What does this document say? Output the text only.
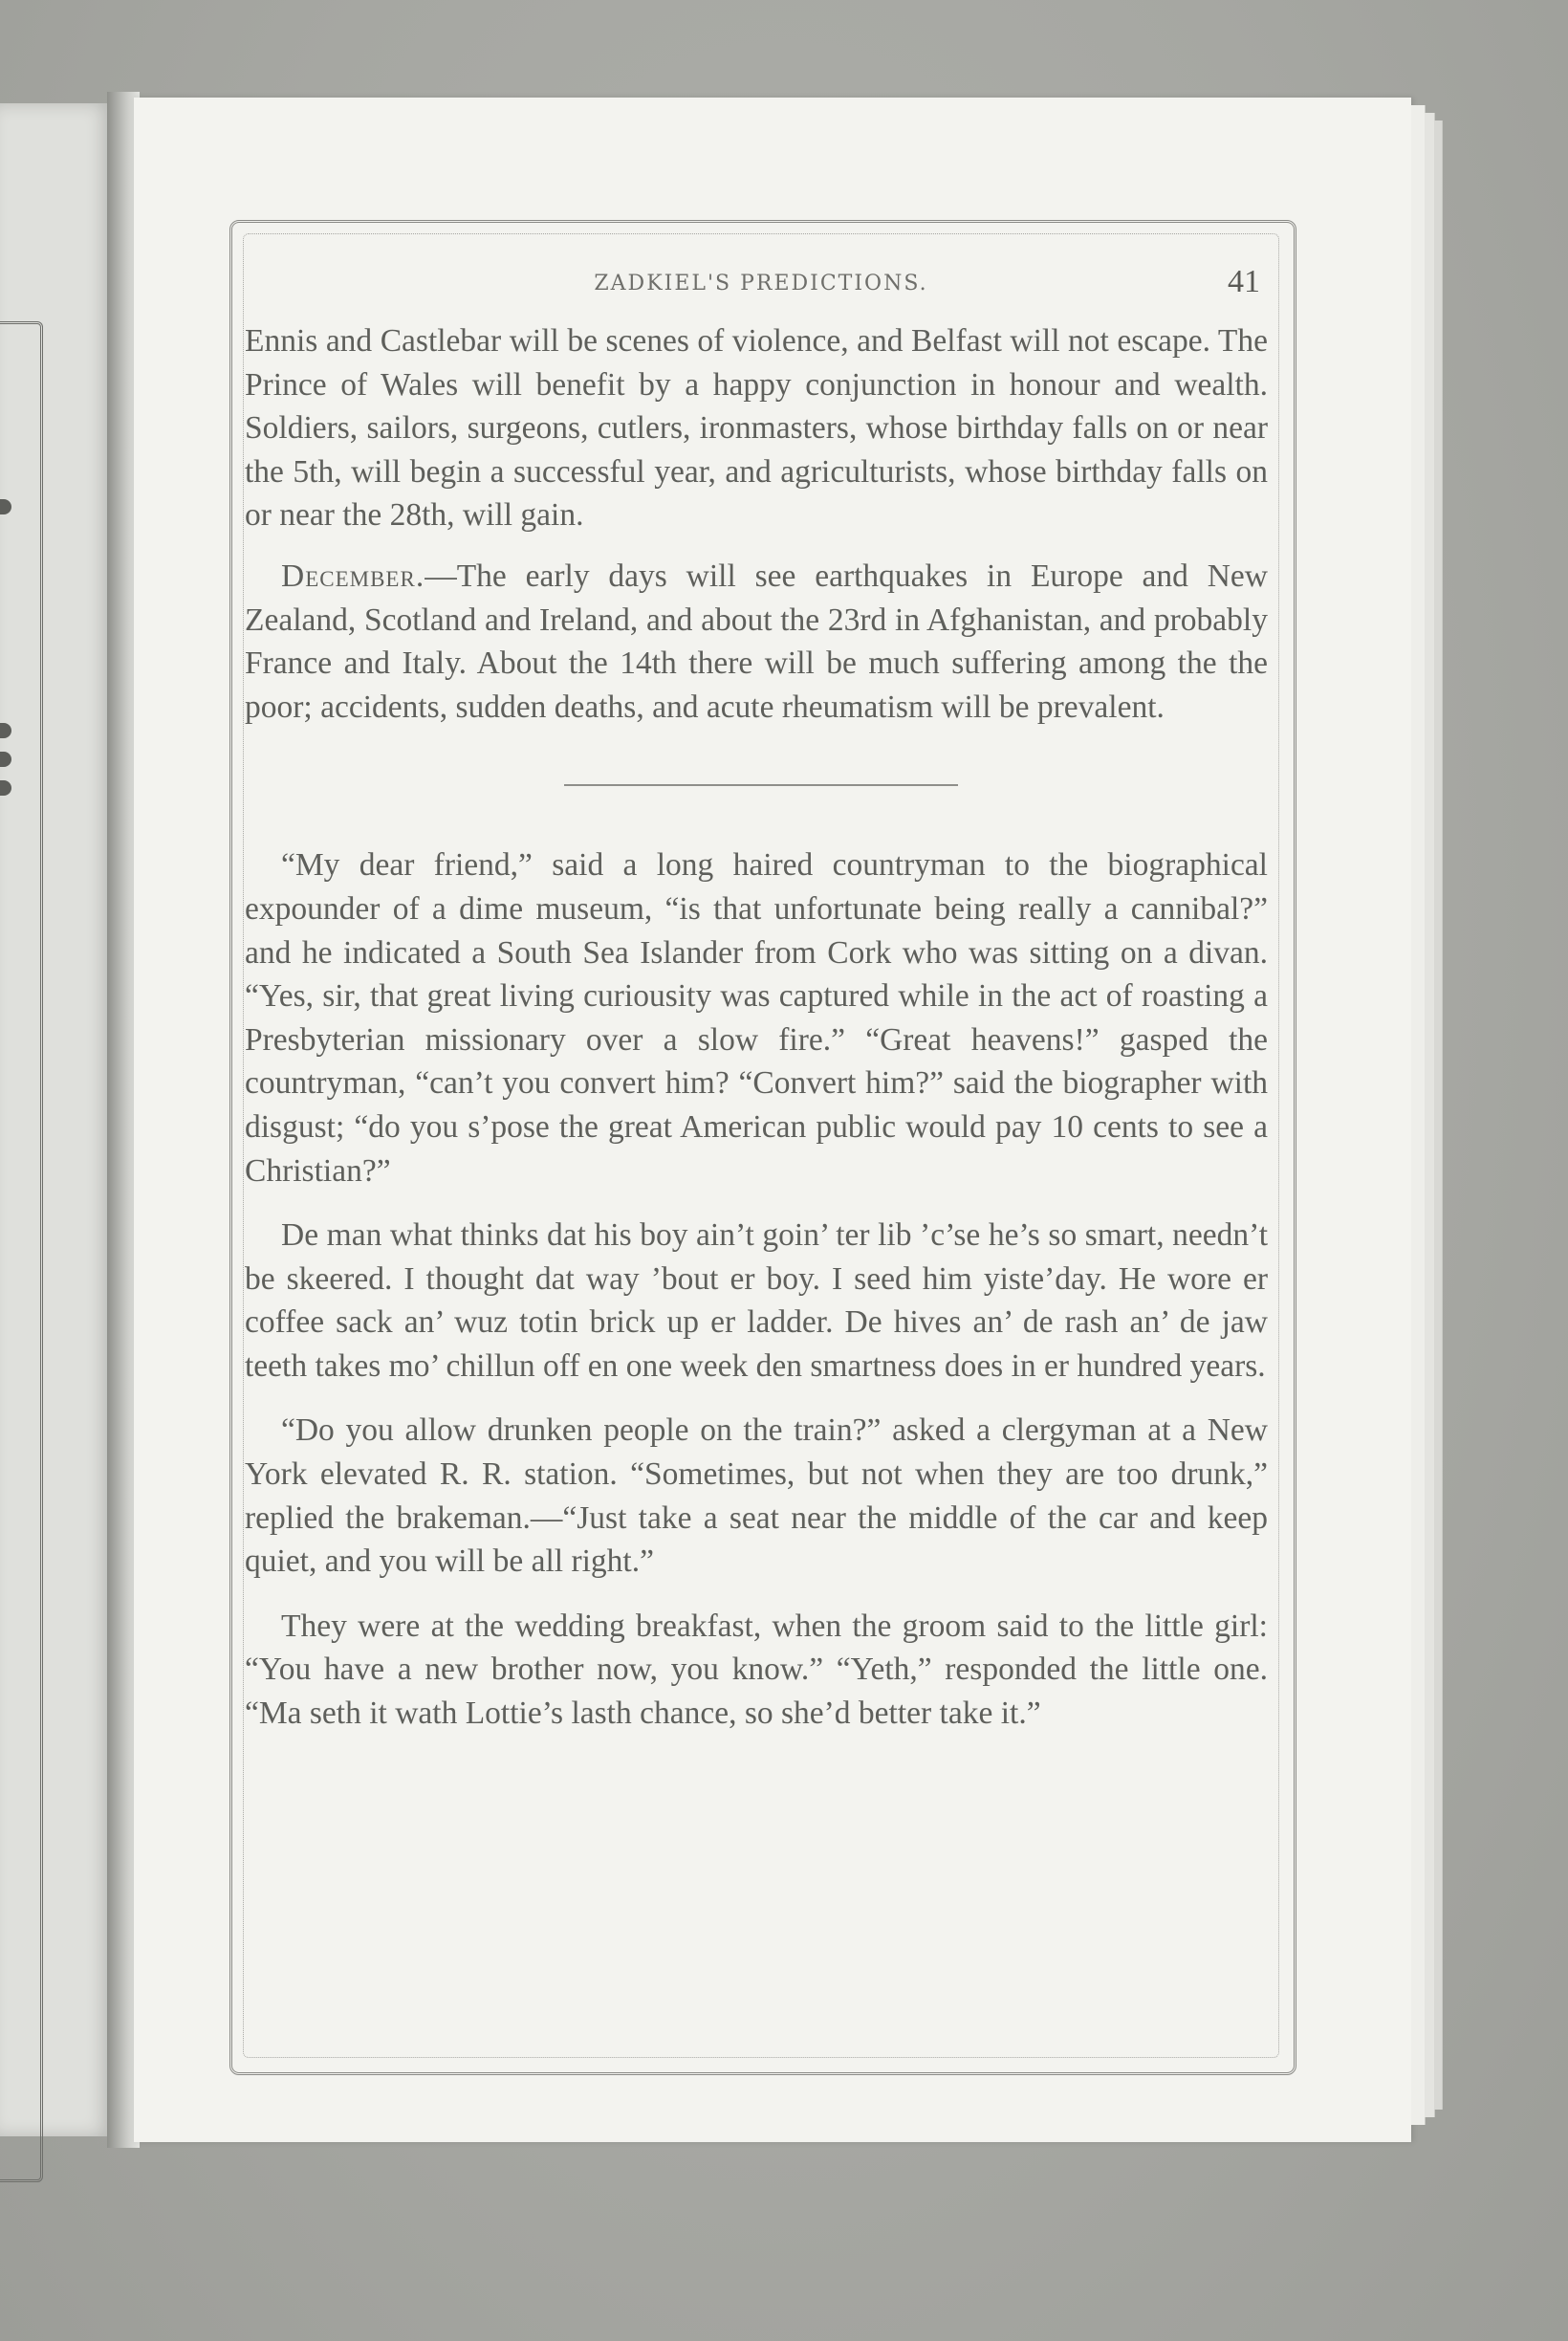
ZADKIEL'S PREDICTIONS.	41

Ennis and Castlebar will be scenes of violence, and Belfast will not escape. The Prince of Wales will benefit by a happy conjunction in honour and wealth. Soldiers, sailors, surgeons, cutlers, ironmasters, whose birthday falls on or near the 5th, will begin a successful year, and agriculturists, whose birthday falls on or near the 28th, will gain.

December.—The early days will see earthquakes in Europe and New Zealand, Scotland and Ireland, and about the 23rd in Afghanistan, and probably France and Italy. About the 14th there will be much suffering among the the poor; accidents, sudden deaths, and acute rheumatism will be prevalent.

“My dear friend,” said a long haired countryman to the biographical expounder of a dime museum, “is that unfortunate being really a cannibal?” and he indicated a South Sea Islander from Cork who was sitting on a divan. “Yes, sir, that great living curiousity was captured while in the act of roasting a Presbyterian missionary over a slow fire.” “Great heavens!” gasped the countryman, “can’t you convert him? “Convert him?” said the biographer with disgust; “do you s’pose the great American public would pay 10 cents to see a Christian?”

De man what thinks dat his boy ain’t goin’ ter lib ’c’se he’s so smart, needn’t be skeered. I thought dat way ’bout er boy. I seed him yiste’day. He wore er coffee sack an’ wuz totin brick up er ladder. De hives an’ de rash an’ de jaw teeth takes mo’ chillun off en one week den smartness does in er hundred years.

“Do you allow drunken people on the train?” asked a clergyman at a New York elevated R. R. station. “Sometimes, but not when they are too drunk,” replied the brakeman.—“Just take a seat near the middle of the car and keep quiet, and you will be all right.”

They were at the wedding breakfast, when the groom said to the little girl: “You have a new brother now, you know.” “Yeth,” responded the little one. “Ma seth it wath Lottie’s lasth chance, so she’d better take it.”
